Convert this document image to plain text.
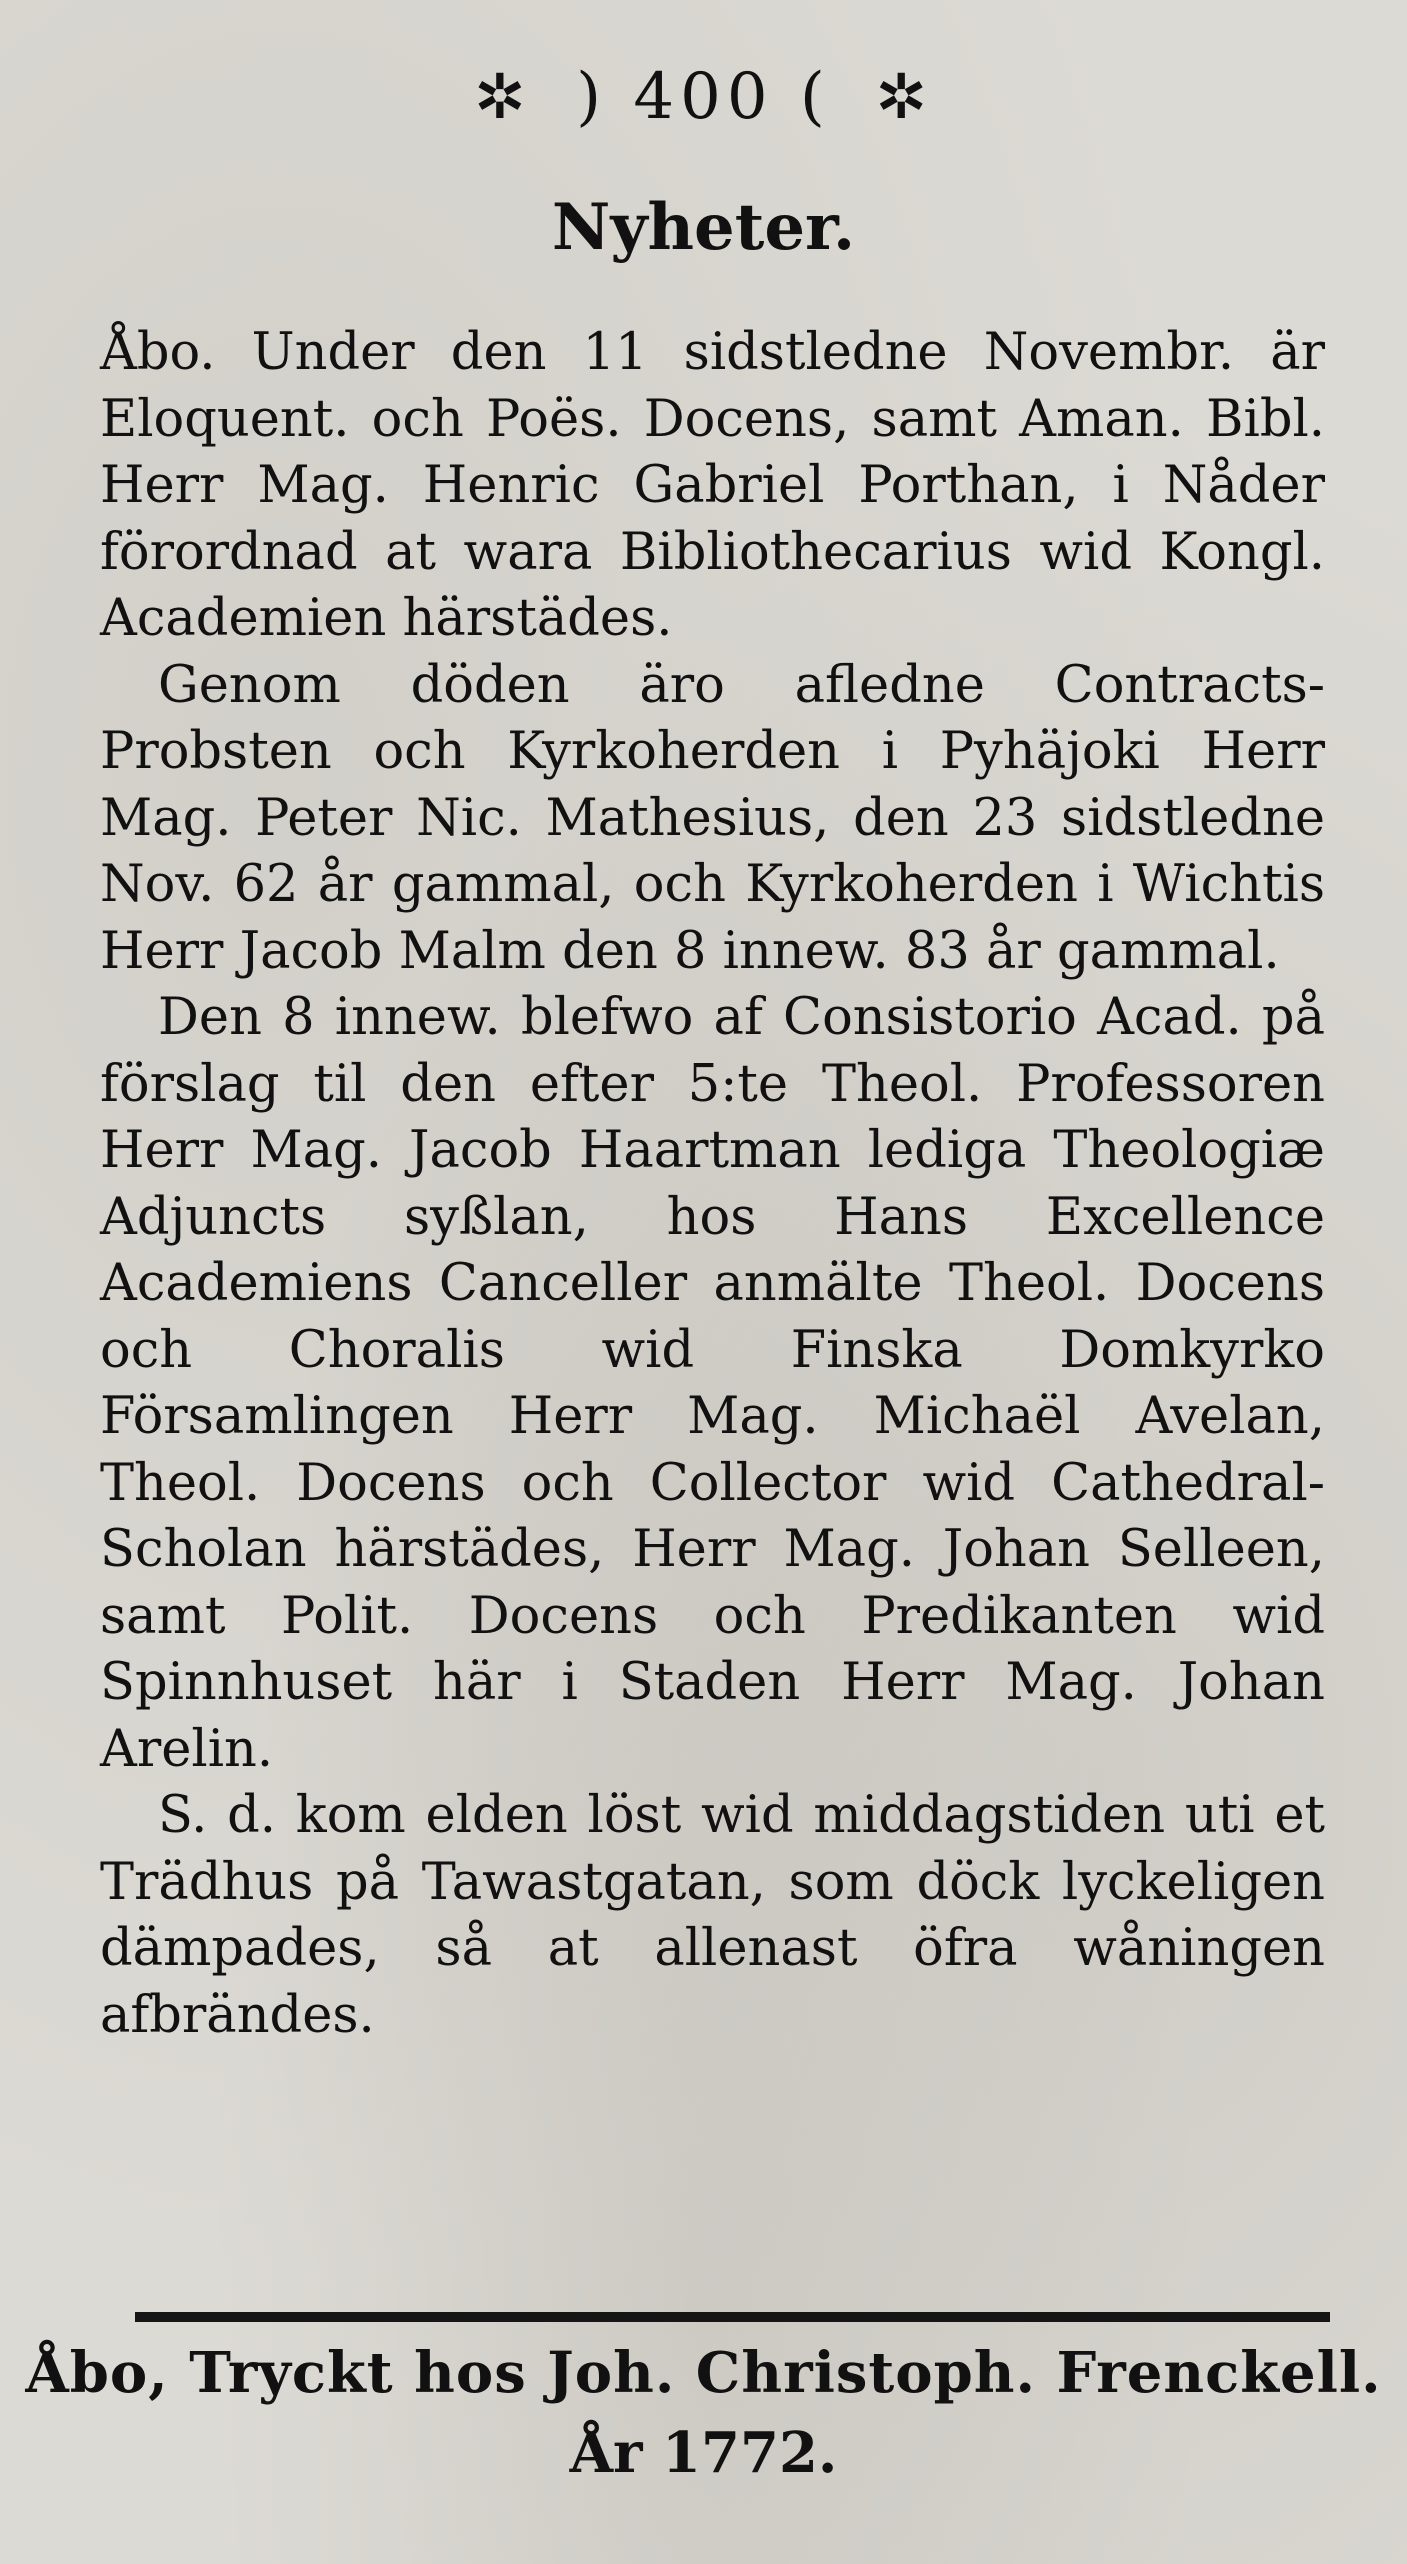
✲ ) 400 ( ✲
Nyheter.

Åbo. Under den 11 sidstledne Novembr. är Eloquent. och Poës. Docens, samt Aman. Bibl. Herr Mag. Henric Gabriel Porthan, i Nåder förordnad at wara Bibliothecarius wid Kongl. Academien härstädes.

Genom döden äro afledne Contracts-Probsten och Kyrkoherden i Pyhäjoki Herr Mag. Peter Nic. Mathesius, den 23 sidstledne Nov. 62 år gammal, och Kyrkoherden i Wichtis Herr Jacob Malm den 8 innew. 83 år gammal.

Den 8 innew. blefwo af Consistorio Acad. på förslag til den efter 5:te Theol. Professoren Herr Mag. Jacob Haartman lediga Theologiæ Adjuncts syßlan, hos Hans Excellence Academiens Canceller anmälte Theol. Docens och Choralis wid Finska Domkyrko Församlingen Herr Mag. Michaël Avelan, Theol. Docens och Collector wid Cathedral-Scholan härstädes, Herr Mag. Johan Selleen, samt Polit. Docens och Predikanten wid Spinnhuset här i Staden Herr Mag. Johan Arelin.

S. d. kom elden löst wid middagstiden uti et Trädhus på Tawastgatan, som döck lyckeligen dämpades, så at allenast öfra wåningen afbrändes.

Åbo, Tryckt hos Joh. Christoph. Frenckell.
År 1772.
